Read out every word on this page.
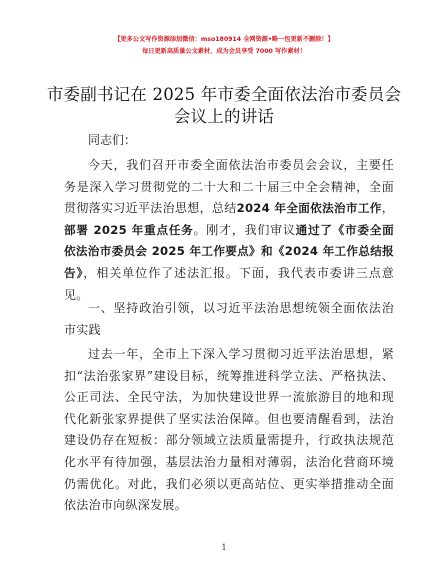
【更多公文写作资源添加微信：mso180914 全网资源•略一包更新不删除！】
每日更新高质量公文素材，成为会员享受 7000 写作素材！
市委副书记在 2025 年市委全面依法治市委员会会议上的讲话
同志们：

今天，我们召开市委全面依法治市委员会会议，主要任务是深入学习贯彻党的二十大和二十届三中全会精神，全面贯彻落实习近平法治思想，总结2024 年全面依法治市工作，部署 2025 年重点任务。刚才，我们审议通过了《市委全面依法治市委员会 2025 年工作要点》和《2024 年工作总结报告》，相关单位作了述法汇报。下面，我代表市委讲三点意见。

一、坚持政治引领，以习近平法治思想统领全面依法治市实践

过去一年，全市上下深入学习贯彻习近平法治思想，紧扣“法治张家界”建设目标，统筹推进科学立法、严格执法、公正司法、全民守法，为加快建设世界一流旅游目的地和现代化新张家界提供了坚实法治保障。但也要清醒看到，法治建设仍存在短板：部分领域立法质量需提升，行政执法规范化水平有待加强，基层法治力量相对薄弱，法治化营商环境仍需优化。对此，我们必须以更高站位、更实举措推动全面依法治市向纵深发展。

1
